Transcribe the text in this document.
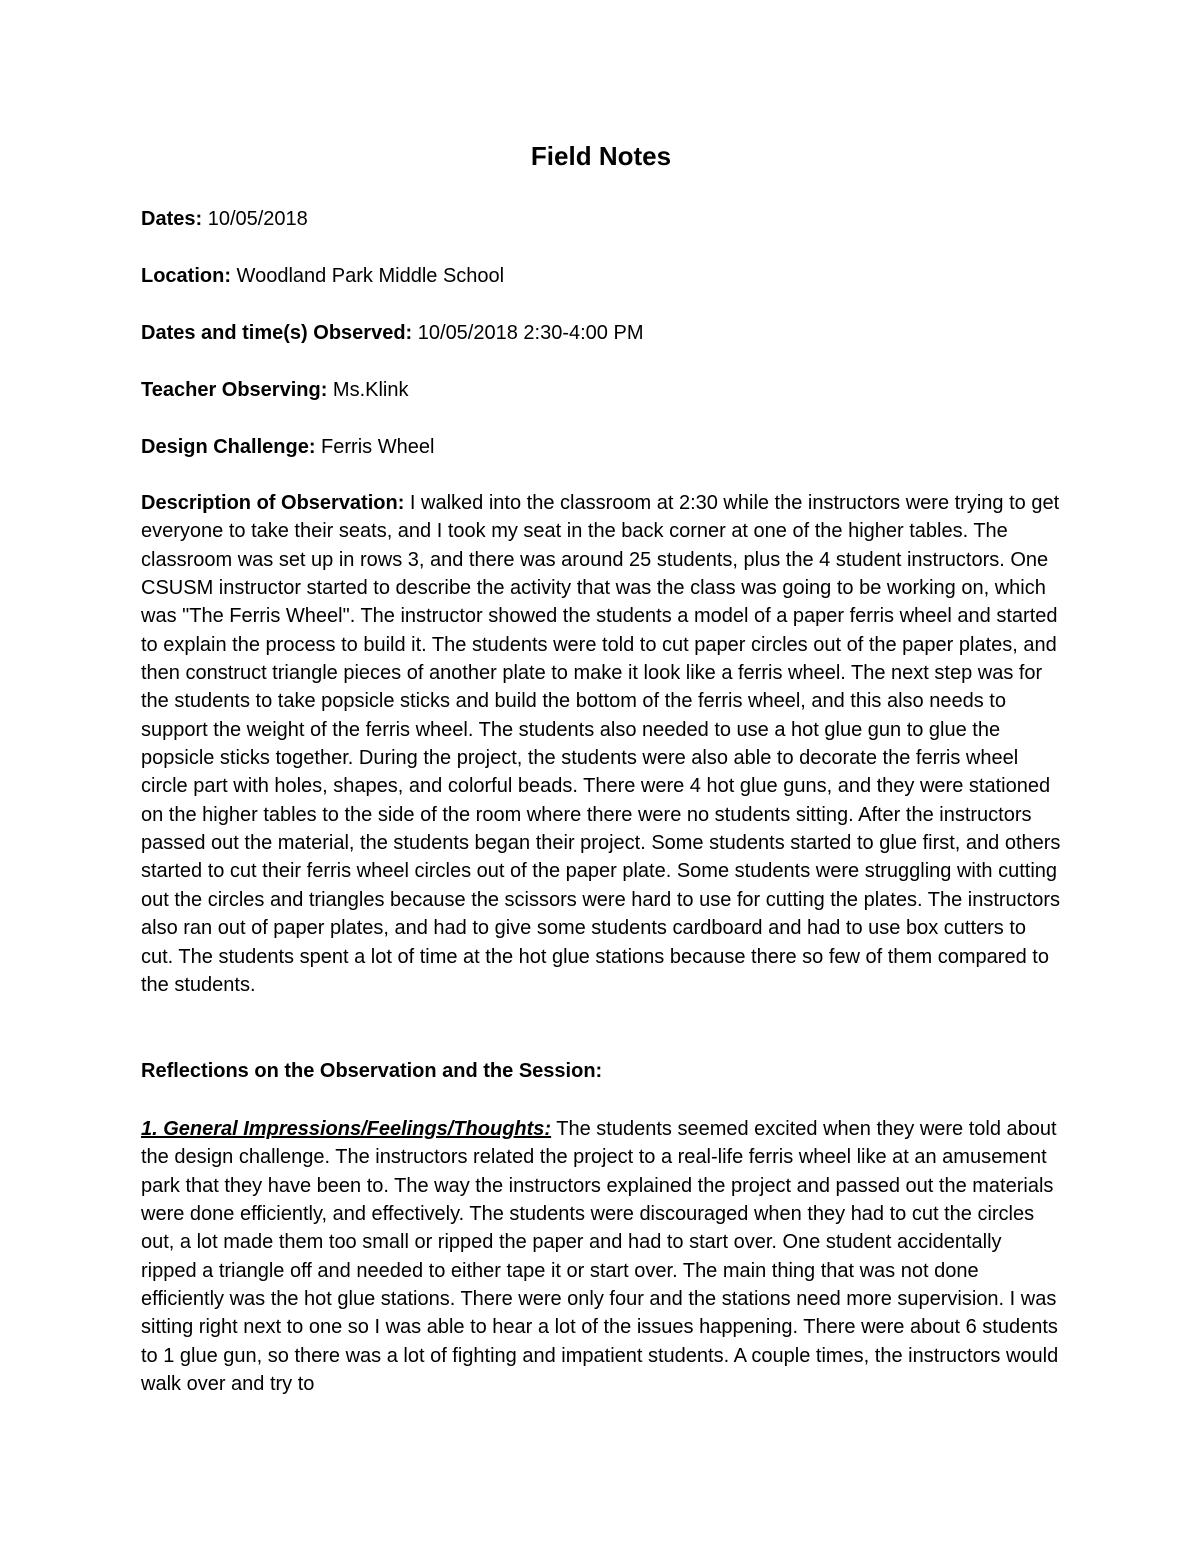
Field Notes
Dates: 10/05/2018
Location: Woodland Park Middle School
Dates and time(s) Observed: 10/05/2018 2:30-4:00 PM
Teacher Observing: Ms.Klink
Design Challenge: Ferris Wheel
Description of Observation: I walked into the classroom at 2:30 while the instructors were trying to get everyone to take their seats, and I took my seat in the back corner at one of the higher tables. The classroom was set up in rows 3, and there was around 25 students, plus the 4 student instructors. One CSUSM instructor started to describe the activity that was the class was going to be working on, which was "The Ferris Wheel". The instructor showed the students a model of a paper ferris wheel and started to explain the process to build it. The students were told to cut paper circles out of the paper plates, and then construct triangle pieces of another plate to make it look like a ferris wheel. The next step was for the students to take popsicle sticks and build the bottom of the ferris wheel, and this also needs to support the weight of the ferris wheel. The students also needed to use a hot glue gun to glue the popsicle sticks together. During the project, the students were also able to decorate the ferris wheel circle part with holes, shapes, and colorful beads. There were 4 hot glue guns, and they were stationed on the higher tables to the side of the room where there were no students sitting. After the instructors passed out the material, the students began their project. Some students started to glue first, and others started to cut their ferris wheel circles out of the paper plate. Some students were struggling with cutting out the circles and triangles because the scissors were hard to use for cutting the plates. The instructors also ran out of paper plates, and had to give some students cardboard and had to use box cutters to cut. The students spent a lot of time at the hot glue stations because there so few of them compared to the students.
Reflections on the Observation and the Session:
1. General Impressions/Feelings/Thoughts: The students seemed excited when they were told about the design challenge. The instructors related the project to a real-life ferris wheel like at an amusement park that they have been to. The way the instructors explained the project and passed out the materials were done efficiently, and effectively. The students were discouraged when they had to cut the circles out, a lot made them too small or ripped the paper and had to start over. One student accidentally ripped a triangle off and needed to either tape it or start over. The main thing that was not done efficiently was the hot glue stations. There were only four and the stations need more supervision. I was sitting right next to one so I was able to hear a lot of the issues happening. There were about 6 students to 1 glue gun, so there was a lot of fighting and impatient students. A couple times, the instructors would walk over and try to
